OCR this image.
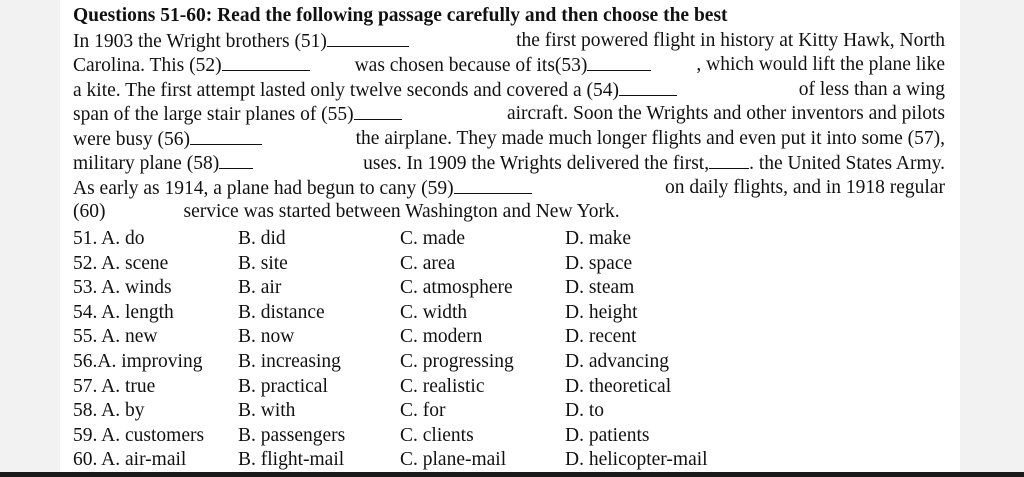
Questions 51-60: Read the following passage carefully and then choose the best
In 1903 the Wright brothers (51)	the first powered flight in history at Kitty Hawk, North
Carolina. This (52)	was chosen because of its(53)	, which would lift the plane like
a kite. The first attempt lasted only twelve seconds and covered a (54)	of less than a wing
span of the large stair planes of (55)	aircraft. Soon the Wrights and other inventors and pilots
were busy (56)	the airplane. They made much longer flights and even put it into some (57),
military plane (58)	uses. In 1909 the Wrights delivered the first, . the United States Army.
As early as 1914, a plane had begun to cany (59)	on daily flights, and in 1918 regular
(60)	service was started between Washington and New York.
51. A. do	B. did	C. made	D. make
52. A. scene	B. site	C. area	D. space
53. A. winds	B. air	C. atmosphere	D. steam
54. A. length	B. distance	C. width	D. height
55. A. new	B. now	C. modern	D. recent
56.A. improving B. increasing	C. progressing	D. advancing
57. A. true	B. practical	C. realistic	D. theoretical
58. A. by	B. with	C. for	D. to
59. A. customers B. passengers	C. clients	D. patients
60. A. air-mail	B. flight-mail	C. plane-mail	D. helicopter-mail
